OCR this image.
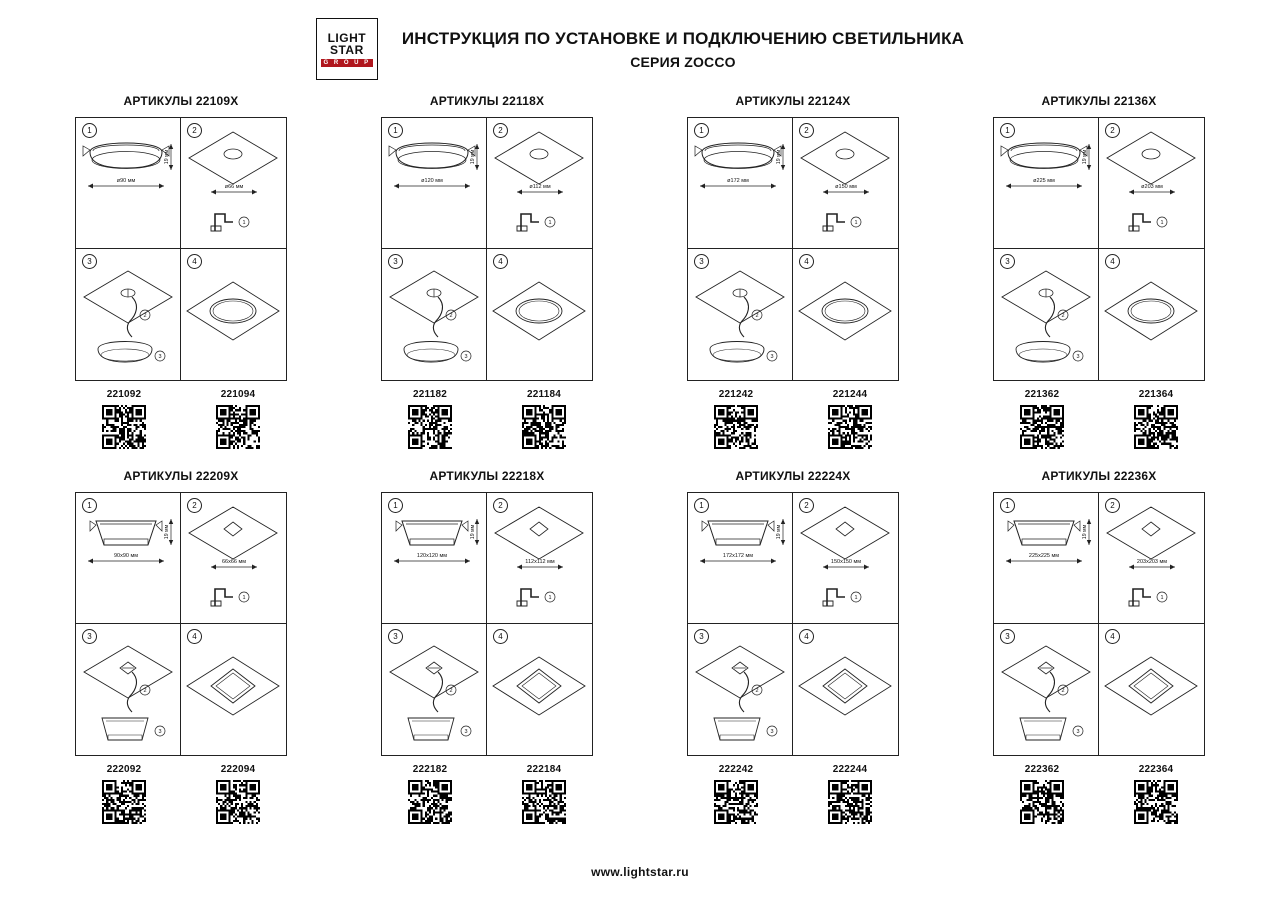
LIGHT
STAR
G R O U P
ИНСТРУКЦИЯ ПО УСТАНОВКЕ И ПОДКЛЮЧЕНИЮ СВЕТИЛЬНИКА
СЕРИЯ ZOCCO
АРТИКУЛЫ 22109Х
1
ø90 мм
19 мм
2
ø66 мм
1
3
2
3
4
221092	221094
АРТИКУЛЫ 22118Х
1
ø120 мм
19 мм
2
ø112 мм
1
3
2
3
4
221182	221184
АРТИКУЛЫ 22124Х
1
ø172 мм
19 мм
2
ø150 мм
1
3
2
3
4
221242	221244
АРТИКУЛЫ 22136Х
1
ø225 мм
19 мм
2
ø203 мм
1
3
2
3
4
221362	221364
АРТИКУЛЫ 22209Х
1
90х90 мм
19 мм
2
66х66 мм
1
3
2
3
4
222092	222094
АРТИКУЛЫ 22218Х
1
120х120 мм
19 мм
2
112х112 мм
1
3
2
3
4
222182	222184
АРТИКУЛЫ 22224Х
1
172х172 мм
19 мм
2
150х150 мм
1
3
2
3
4
222242	222244
АРТИКУЛЫ 22236Х
1
225х225 мм
19 мм
2
203х203 мм
1
3
2
3
4
222362	222364
www.lightstar.ru
